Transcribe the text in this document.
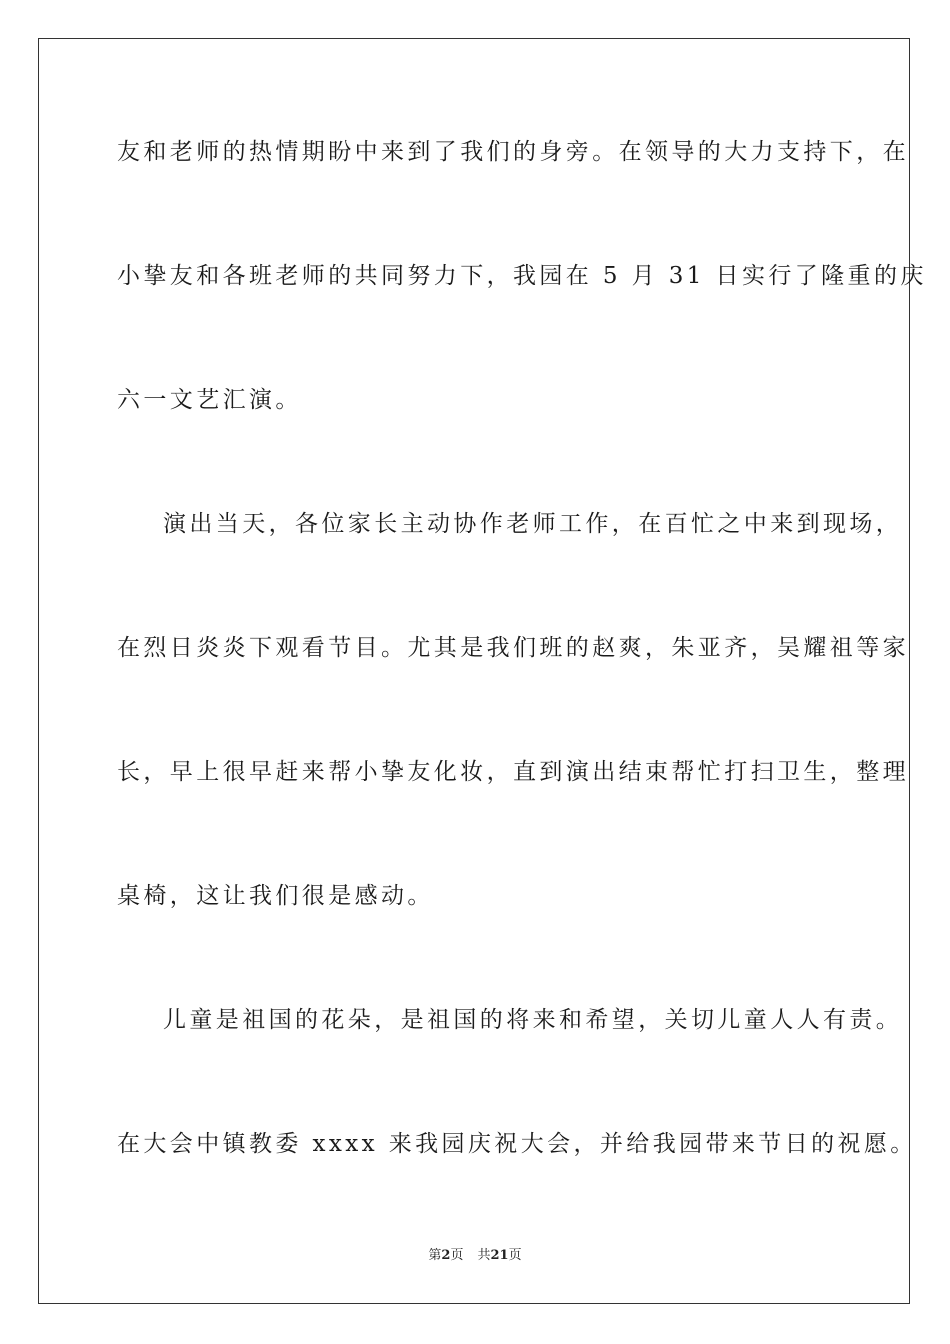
友和老师的热情期盼中来到了我们的身旁。在领导的大力支持下，在
小挚友和各班老师的共同努力下，我园在 5 月 31 日实行了隆重的庆
六一文艺汇演。
演出当天，各位家长主动协作老师工作，在百忙之中来到现场，
在烈日炎炎下观看节目。尤其是我们班的赵爽，朱亚齐，吴耀祖等家
长，早上很早赶来帮小挚友化妆，直到演出结束帮忙打扫卫生，整理
桌椅，这让我们很是感动。
儿童是祖国的花朵，是祖国的将来和希望，关切儿童人人有责。
在大会中镇教委 xxxx 来我园庆祝大会，并给我园带来节日的祝愿。
第2页 共21页
